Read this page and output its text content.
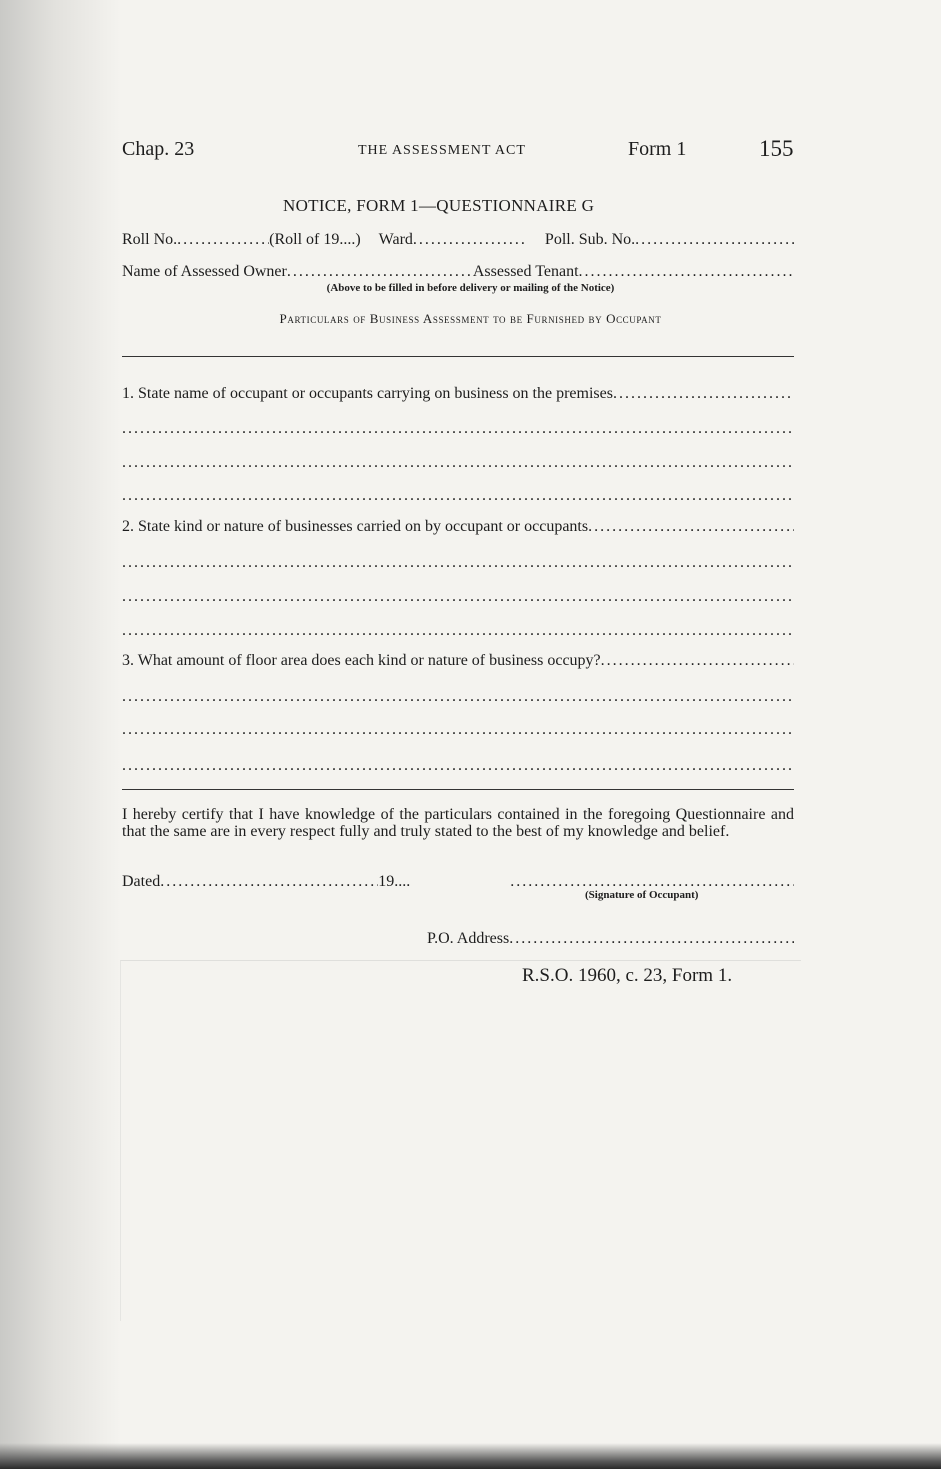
Chap. 23	THE ASSESSMENT ACT	Form 1	155
NOTICE, FORM 1—QUESTIONNAIRE G
Roll No. .....	(Roll of 19....) Ward .....	Poll. Sub. No.
.....
Name of Assessed Owner .....	Assessed Tenant
.....
(Above to be filled in before delivery or mailing of the Notice)
Particulars of Business Assessment to be Furnished by Occupant
1. State name of occupant or occupants carrying on business on the premises
.....
.....
.....
.....
2. State kind or nature of businesses carried on by occupant or occupants
.....
.....
.....
.....
3. What amount of floor area does each kind or nature of business occupy?
.....
.....
.....
.....
I hereby certify that I have knowledge of the particulars contained in the foregoing Questionnaire and that the same are in every respect fully and truly stated to the best of my knowledge and belief.
Dated .....	19....
.....
(Signature of Occupant)
P.O. Address
.....
R.S.O. 1960, c. 23, Form 1.
